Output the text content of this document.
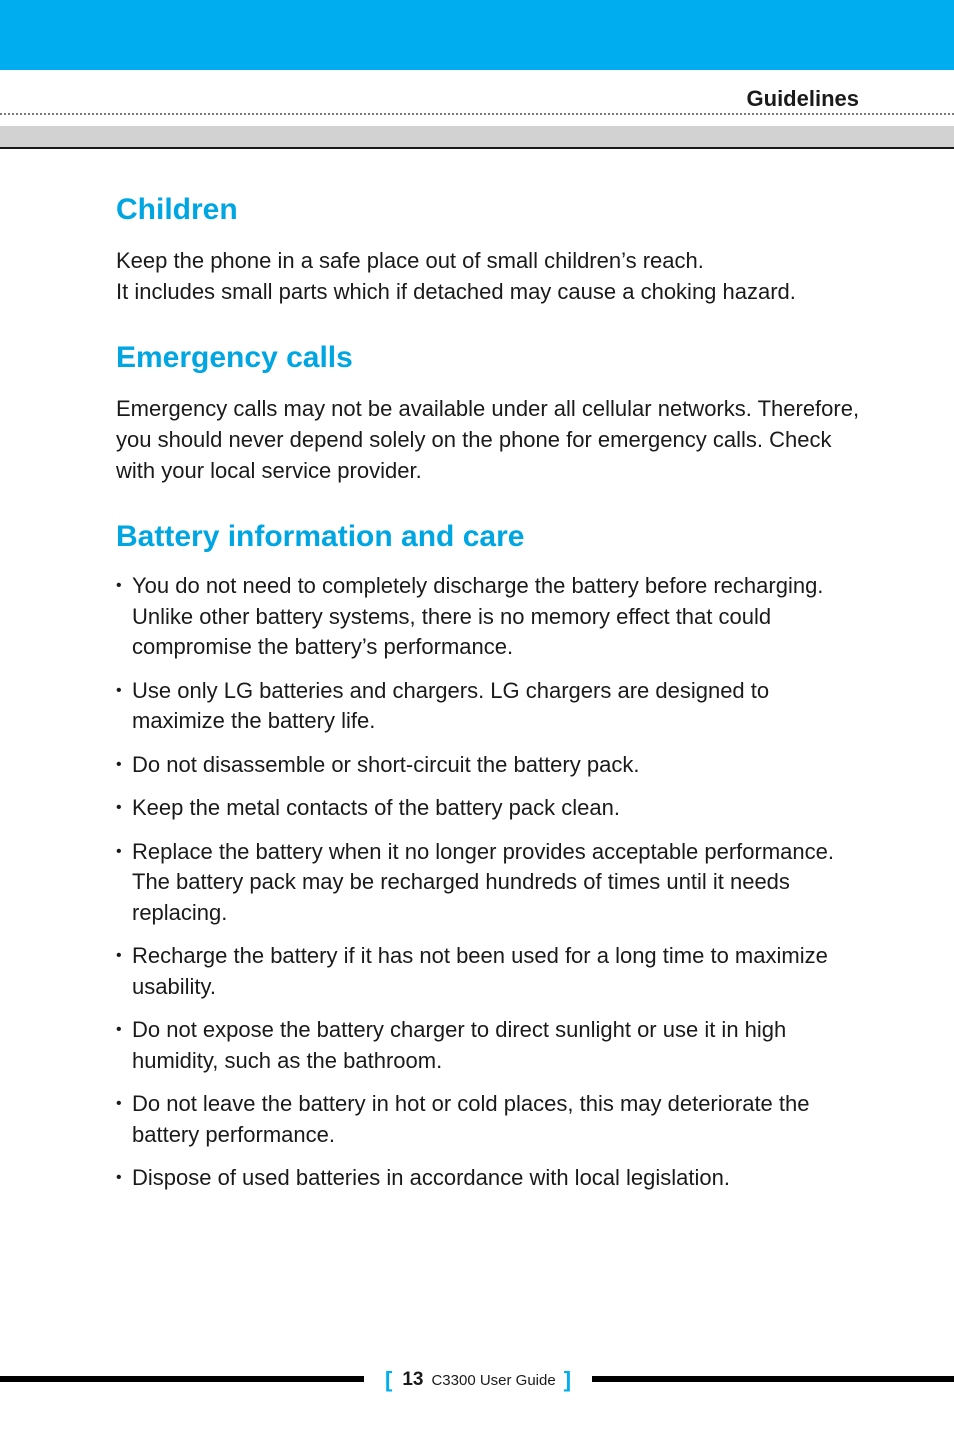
Guidelines
Children

Keep the phone in a safe place out of small children’s reach.
It includes small parts which if detached may cause a choking hazard.

Emergency calls

Emergency calls may not be available under all cellular networks. Therefore, you should never depend solely on the phone for emergency calls. Check with your local service provider.

Battery information and care
• You do not need to completely discharge the battery before recharging. Unlike other battery systems, there is no memory effect that could compromise the battery’s performance.
• Use only LG batteries and chargers. LG chargers are designed to maximize the battery life.
• Do not disassemble or short-circuit the battery pack.
• Keep the metal contacts of the battery pack clean.
• Replace the battery when it no longer provides acceptable performance. The battery pack may be recharged hundreds of times until it needs replacing.
• Recharge the battery if it has not been used for a long time to maximize usability.
• Do not expose the battery charger to direct sunlight or use it in high humidity, such as the bathroom.
• Do not leave the battery in hot or cold places, this may deteriorate the battery performance.
• Dispose of used batteries in accordance with local legislation.
[ 13 C3300 User Guide ]
